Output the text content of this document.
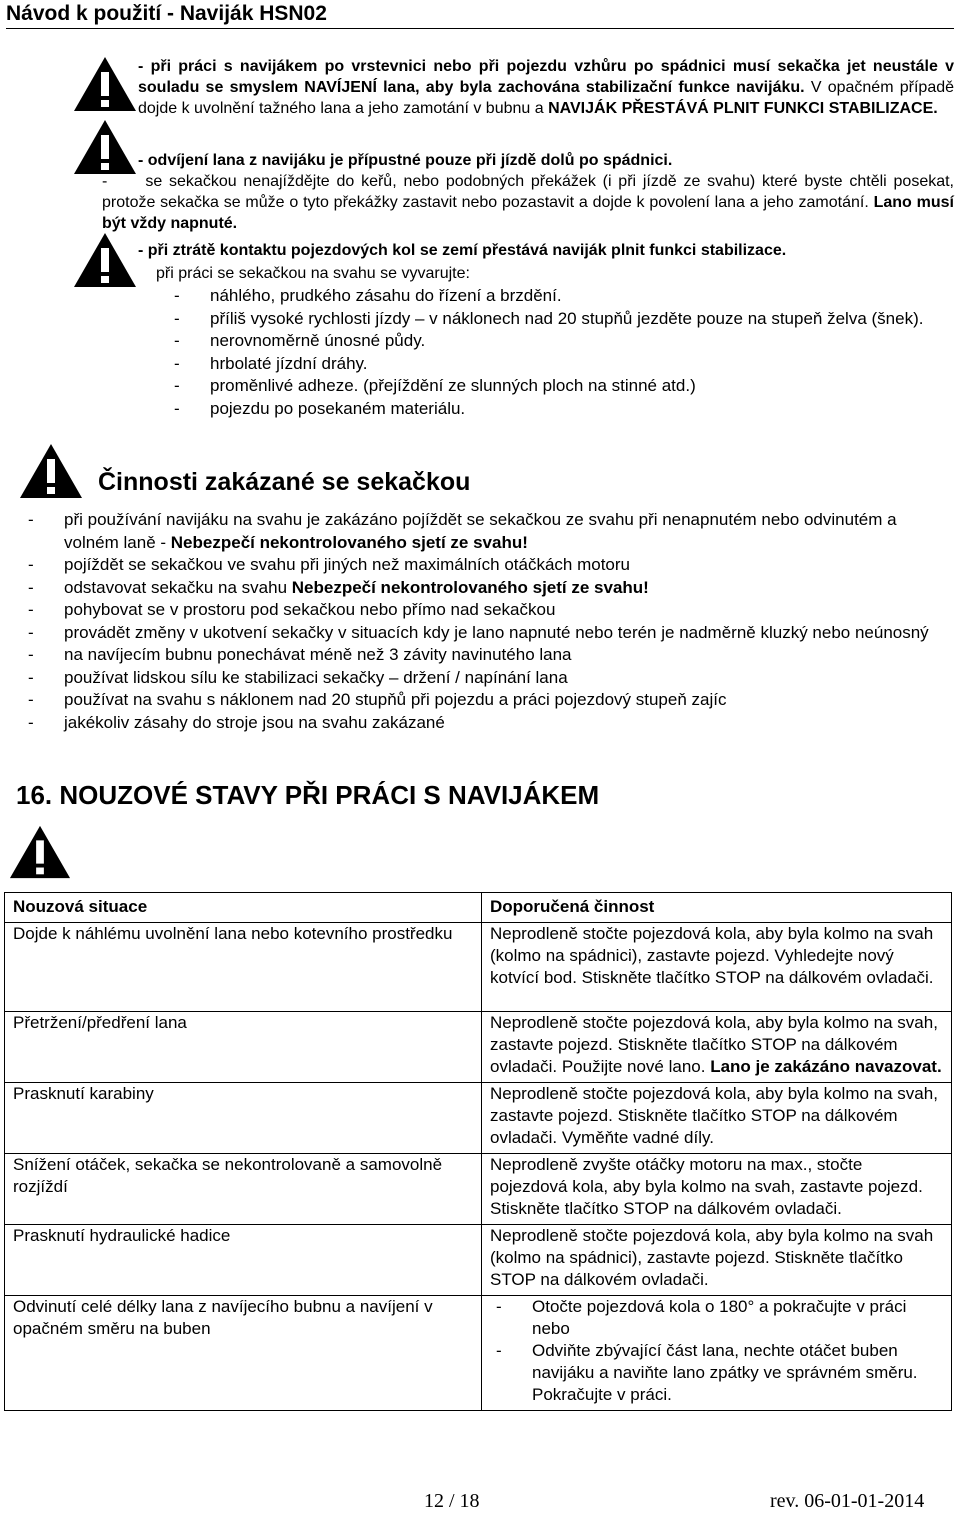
Návod k použití - Naviják HSN02
- při práci s navijákem po vrstevnici nebo při pojezdu vzhůru po spádnici musí sekačka jet neustále v souladu se smyslem NAVÍJENÍ lana, aby byla zachována stabilizační funkce navijáku. V opačném případě dojde k uvolnění tažného lana a jeho zamotání v bubnu a NAVIJÁK PŘESTÁVÁ PLNIT FUNKCI STABILIZACE.
- odvíjení lana z navijáku je přípustné pouze při jízdě dolů po spádnici.
- se sekačkou nenajíždějte do keřů, nebo podobných překážek (i při jízdě ze svahu) které byste chtěli posekat, protože sekačka se může o tyto překážky zastavit nebo pozastavit a dojde k povolení lana a jeho zamotání. Lano musí být vždy napnuté.
- při ztrátě kontaktu pojezdových kol se zemí přestává naviják plnit funkci stabilizace.
při práci se sekačkou na svahu se vyvarujte:
- náhlého, prudkého zásahu do řízení a brzdění.
- příliš vysoké rychlosti jízdy – v náklonech nad 20 stupňů jezděte pouze na stupeň želva (šnek).
- nerovnoměrně únosné půdy.
- hrbolaté jízdní dráhy.
- proměnlivé adheze. (přejíždění ze slunných ploch na stinné atd.)
- pojezdu po posekaném materiálu.
Činnosti zakázané se sekačkou
- při používání navijáku na svahu je zakázáno pojíždět se sekačkou ze svahu při nenapnutém nebo odvinutém a volném laně - Nebezpečí nekontrolovaného sjetí ze svahu!
- pojíždět se sekačkou ve svahu při jiných než maximálních otáčkách motoru
- odstavovat sekačku na svahu Nebezpečí nekontrolovaného sjetí ze svahu!
- pohybovat se v prostoru pod sekačkou nebo přímo nad sekačkou
- provádět změny v ukotvení sekačky v situacích kdy je lano napnuté nebo terén je nadměrně kluzký nebo neúnosný
- na navíjecím bubnu ponechávat méně než 3 závity navinutého lana
- používat lidskou sílu ke stabilizaci sekačky – držení / napínání lana
- používat na svahu s náklonem nad 20 stupňů při pojezdu a práci pojezdový stupeň zajíc
- jakékoliv zásahy do stroje jsou na svahu zakázané
16. NOUZOVÉ STAVY PŘI PRÁCI S NAVIJÁKEM
Nouzová situace	Doporučená činnost
Dojde k náhlému uvolnění lana nebo kotevního prostředku	Neprodleně stočte pojezdová kola, aby byla kolmo na svah (kolmo na spádnici), zastavte pojezd. Vyhledejte nový kotvící bod. Stiskněte tlačítko STOP na dálkovém ovladači.
Přetržení/předření lana	Neprodleně stočte pojezdová kola, aby byla kolmo na svah, zastavte pojezd. Stiskněte tlačítko STOP na dálkovém ovladači. Použijte nové lano. Lano je zakázáno navazovat.
Prasknutí karabiny	Neprodleně stočte pojezdová kola, aby byla kolmo na svah, zastavte pojezd. Stiskněte tlačítko STOP na dálkovém ovladači. Vyměňte vadné díly.
Snížení otáček, sekačka se nekontrolovaně a samovolně rozjíždí	Neprodleně zvyšte otáčky motoru na max., stočte pojezdová kola, aby byla kolmo na svah, zastavte pojezd. Stiskněte tlačítko STOP na dálkovém ovladači.
Prasknutí hydraulické hadice	Neprodleně stočte pojezdová kola, aby byla kolmo na svah (kolmo na spádnici), zastavte pojezd. Stiskněte tlačítko STOP na dálkovém ovladači.
Odvinutí celé délky lana z navíjecího bubnu a navíjení v opačném směru na buben	- Otočte pojezdová kola o 180° a pokračujte v práci nebo
- Odviňte zbývající část lana, nechte otáčet buben navijáku a naviňte lano zpátky ve správném směru. Pokračujte v práci.
12 / 18	rev. 06-01-01-2014
